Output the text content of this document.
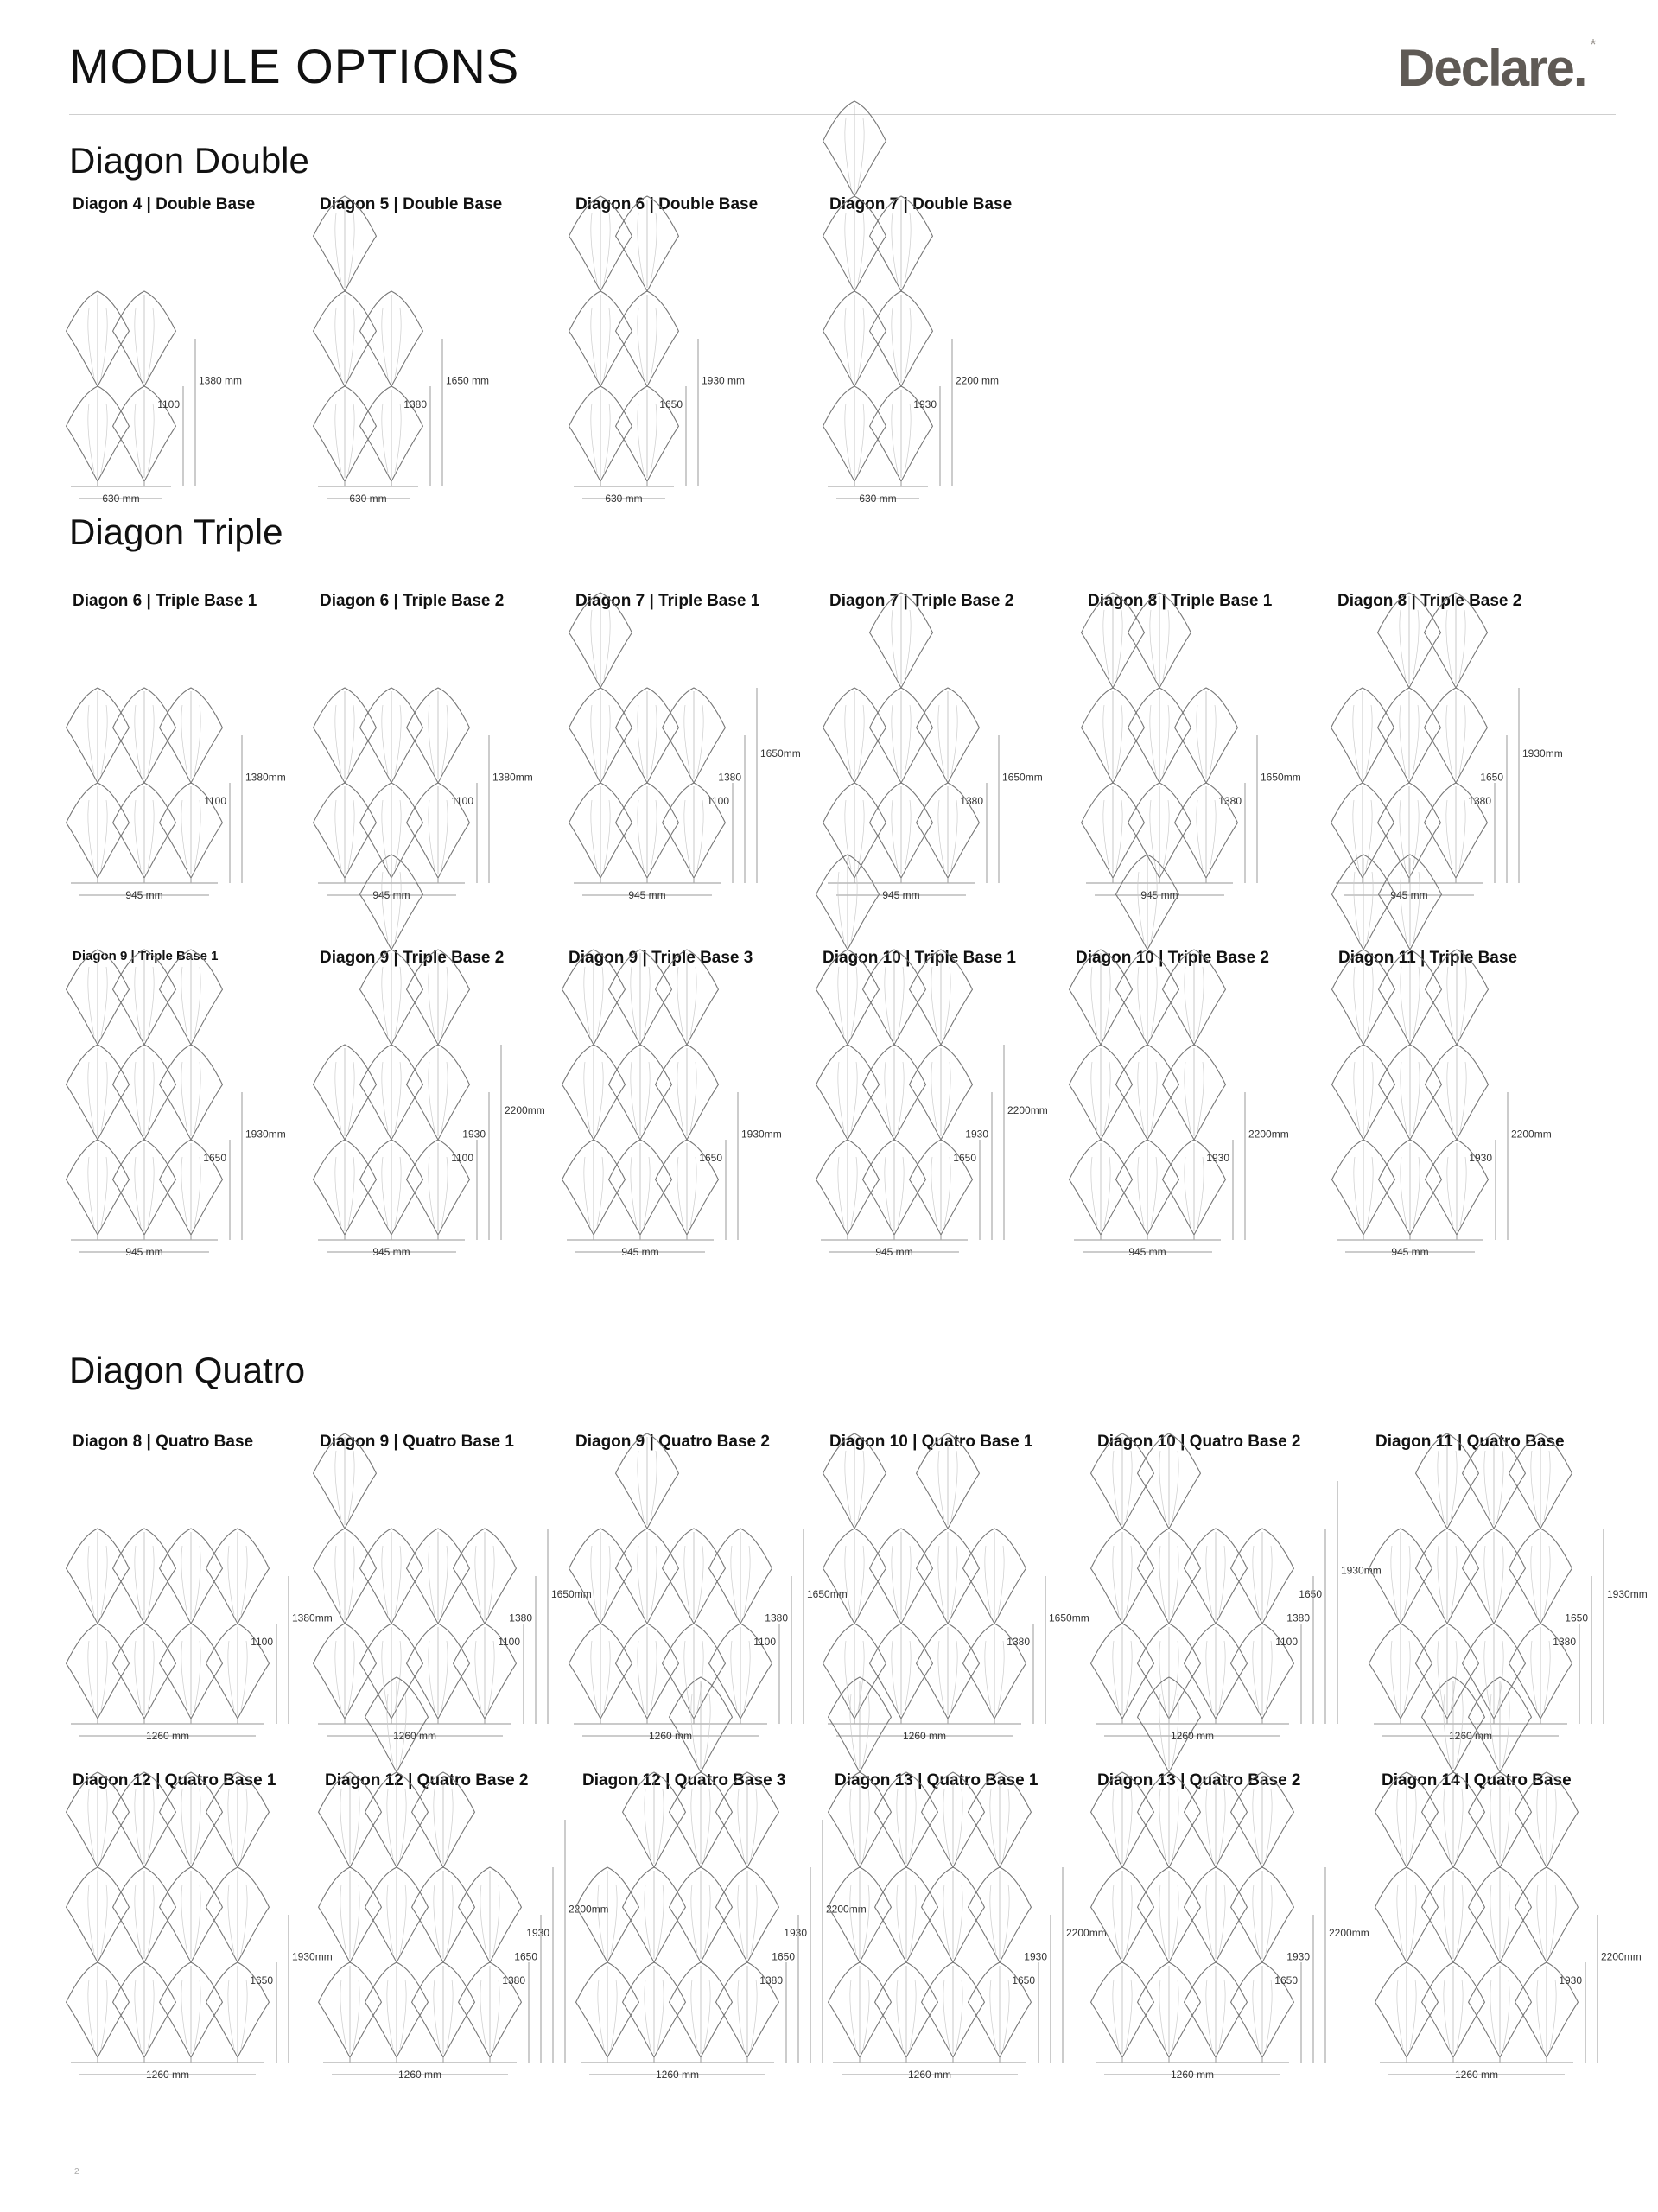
MODULE OPTIONS	Declare. *
Diagon Double
Diagon Triple
Diagon Quatro
Diagon 4 | Double Base
630 mm
1380 mm
1100
Diagon 5 | Double Base
630 mm
1650 mm
1380
Diagon 6 | Double Base
630 mm
1930 mm
1650
Diagon 7 | Double Base
630 mm
2200 mm
1930
Diagon 6 | Triple Base 1
945 mm
1380mm
1100
Diagon 6 | Triple Base 2
945 mm
1380mm
1100
Diagon 7 | Triple Base 1
945 mm
1650mm
1380
1100
Diagon 7 | Triple Base 2
945 mm
1650mm
1380
Diagon 8 | Triple Base 1
945 mm
1650mm
1380
Diagon 8 | Triple Base 2
945 mm
1930mm
1650
1380
Diagon 9 | Triple Base 1
945 mm
1930mm
1650
Diagon 9 | Triple Base 2
945 mm
2200mm
1930
1100
Diagon 9 | Triple Base 3
945 mm
1930mm
1650
Diagon 10 | Triple Base 1
945 mm
2200mm
1930
1650
Diagon 10 | Triple Base 2
945 mm
2200mm
1930
Diagon 11 | Triple Base
945 mm
2200mm
1930
Diagon 8 | Quatro Base
1260 mm
1380mm
1100
Diagon 9 | Quatro Base 1
1260 mm
1650mm
1380
1100
Diagon 9 | Quatro Base 2
1260 mm
1650mm
1380
1100
Diagon 10 | Quatro Base 1
1260 mm
1650mm
1380
Diagon 10 | Quatro Base 2
1260 mm
1930mm
1650
1380
1100
Diagon 11 | Quatro Base
1260 mm
1930mm
1650
1380
Diagon 12 | Quatro Base 1
1260 mm
1930mm
1650
Diagon 12 | Quatro Base 2
1260 mm
2200mm
1930
1650
1380
Diagon 12 | Quatro Base 3
1260 mm
2200mm
1930
1650
1380
Diagon 13 | Quatro Base 1
1260 mm
2200mm
1930
1650
Diagon 13 | Quatro Base 2
1260 mm
2200mm
1930
1650
Diagon 14 | Quatro Base
1260 mm
2200mm
1930
2
